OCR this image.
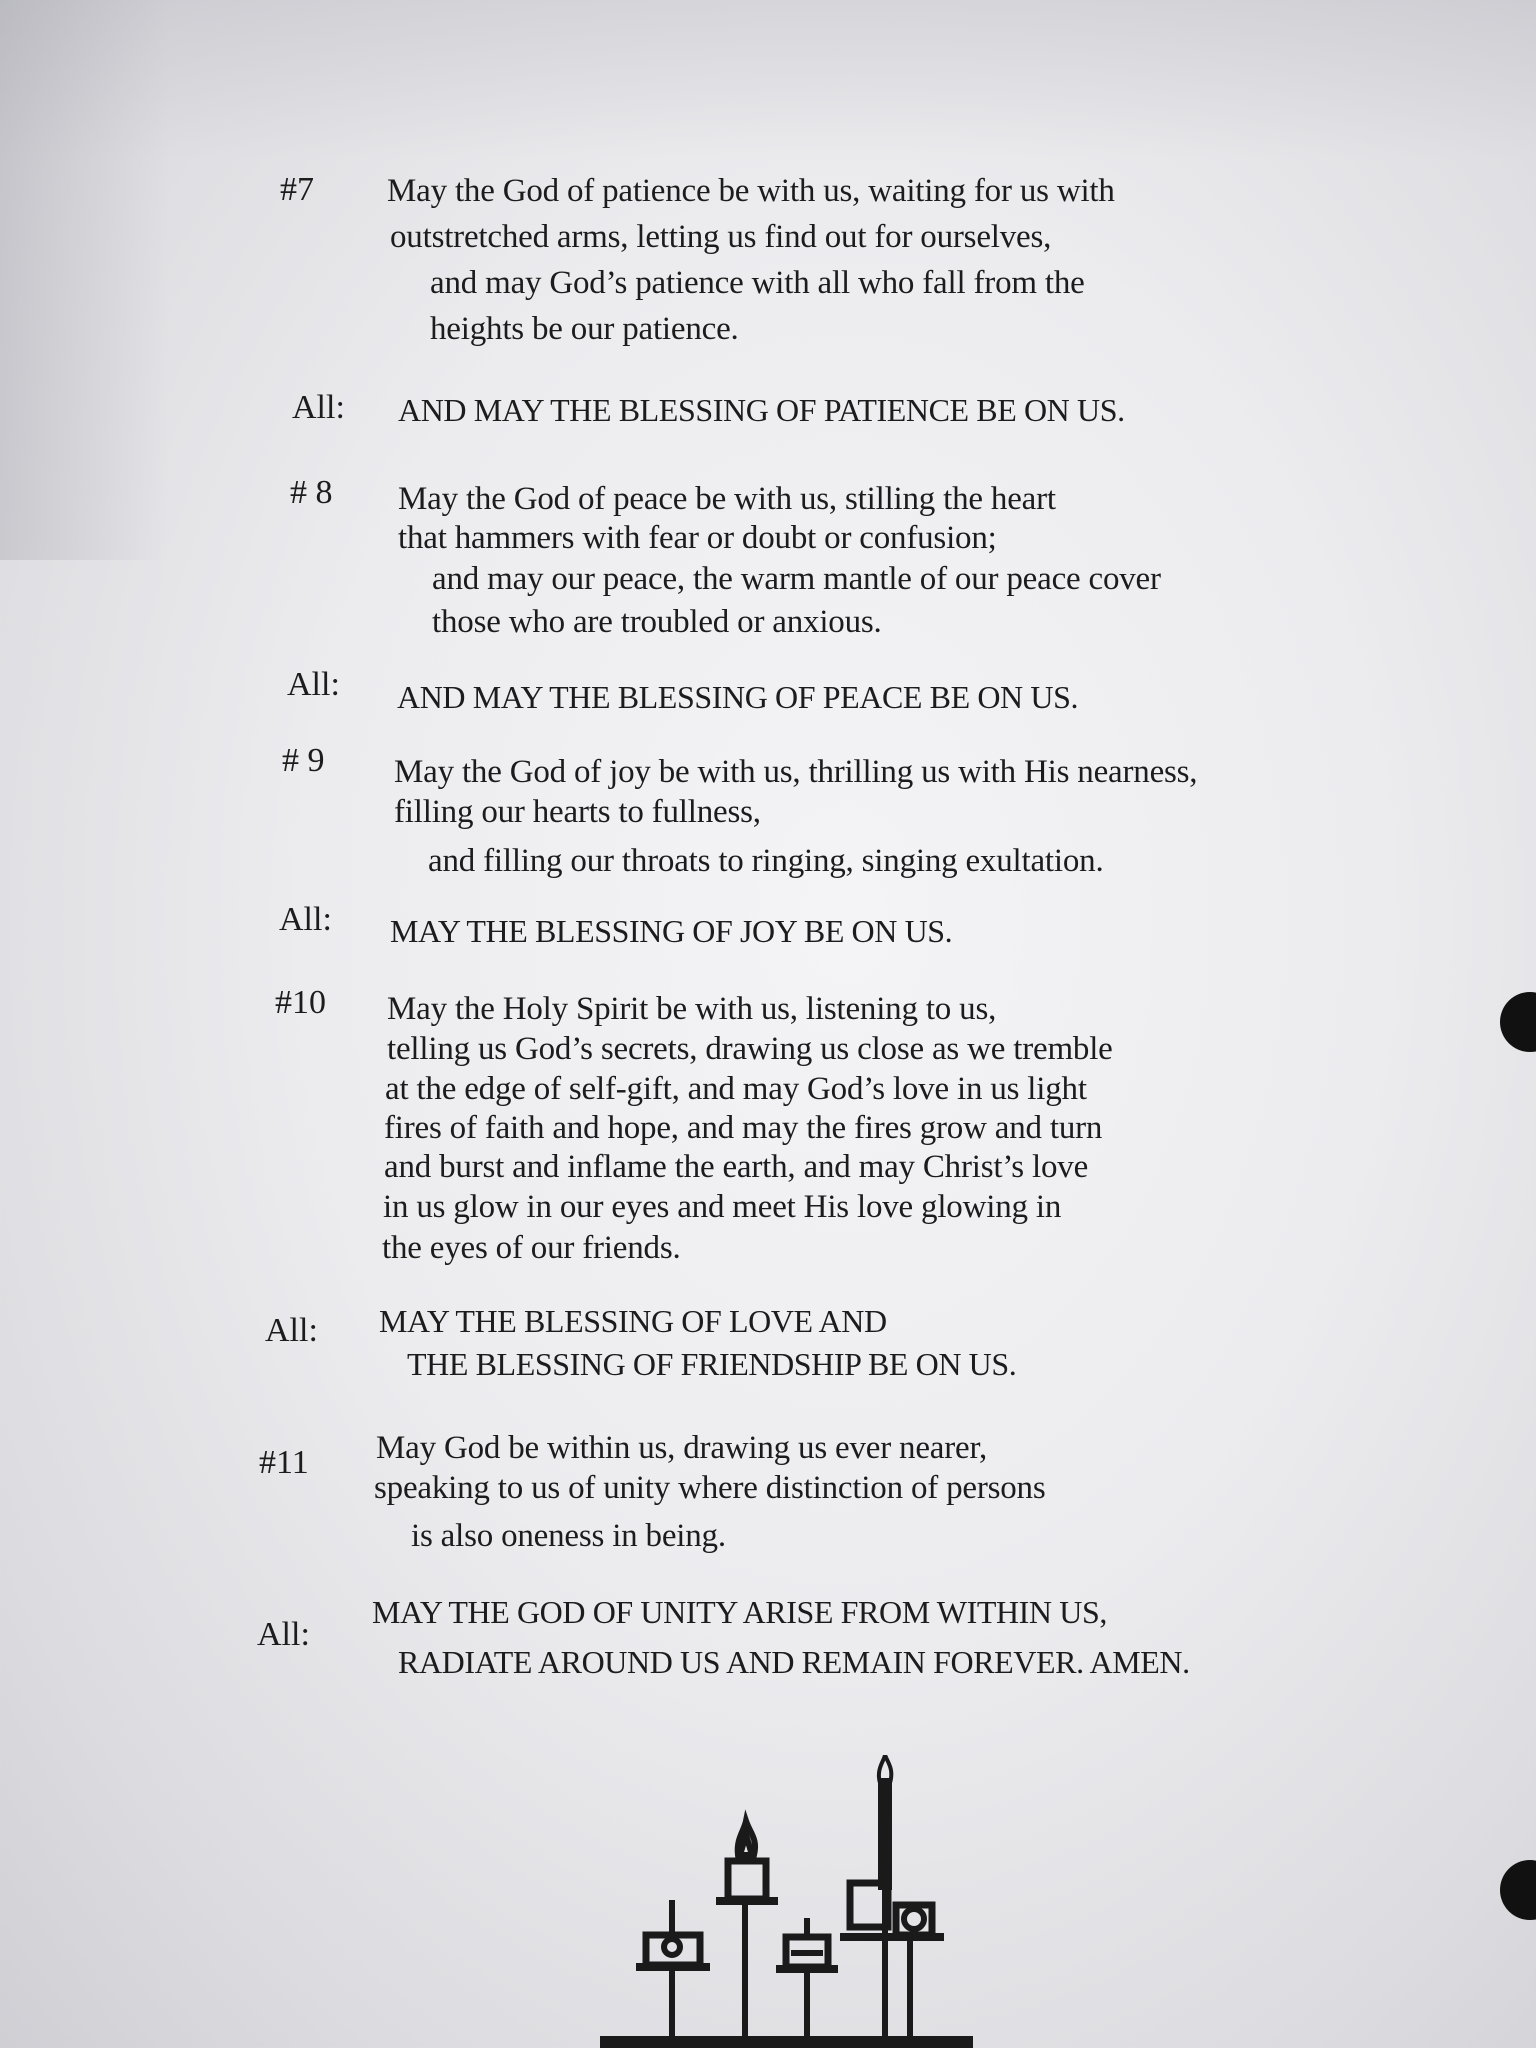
#7 May the God of patience be with us, waiting for us with
outstretched arms, letting us find out for ourselves,
and may God’s patience with all who fall from the
heights be our patience.
All: AND MAY THE BLESSING OF PATIENCE BE ON US.
# 8 May the God of peace be with us, stilling the heart
that hammers with fear or doubt or confusion;
and may our peace, the warm mantle of our peace cover
those who are troubled or anxious.
All: AND MAY THE BLESSING OF PEACE BE ON US.
# 9 May the God of joy be with us, thrilling us with His nearness,
filling our hearts to fullness,
and filling our throats to ringing, singing exultation.
All: MAY THE BLESSING OF JOY BE ON US.
#10 May the Holy Spirit be with us, listening to us,
telling us God’s secrets, drawing us close as we tremble
at the edge of self-gift, and may God’s love in us light
fires of faith and hope, and may the fires grow and turn
and burst and inflame the earth, and may Christ’s love
in us glow in our eyes and meet His love glowing in
the eyes of our friends.
All: MAY THE BLESSING OF LOVE AND
THE BLESSING OF FRIENDSHIP BE ON US.
#11 May God be within us, drawing us ever nearer,
speaking to us of unity where distinction of persons
is also oneness in being.
All:
MAY THE GOD OF UNITY ARISE FROM WITHIN US,
RADIATE AROUND US AND REMAIN FOREVER. AMEN.
